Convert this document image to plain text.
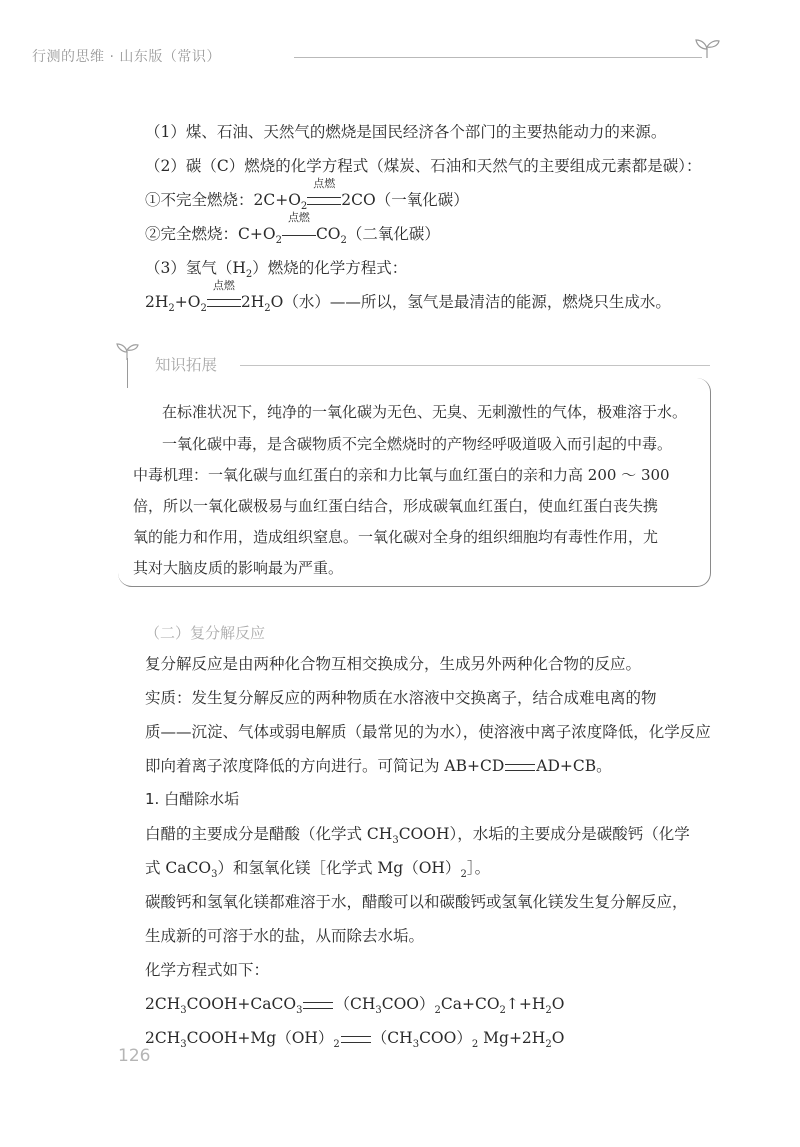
行测的思维 · 山东版（常识）
（1）煤、石油、天然气的燃烧是国民经济各个部门的主要热能动力的来源。
（2）碳（C）燃烧的化学方程式（煤炭、石油和天然气的主要组成元素都是碳）：
①不完全燃烧：$2C+O_2$
点燃
2CO（一氧化碳）
②完全燃烧：$C+O_2$
点燃
$CO_2$（二氧化碳）
（3）氢气$(H_2)$燃烧的化学方程式：
$2H_2+O_2$
点燃
$2H_2O$（水）——所以，氢气是最清洁的能源，燃烧只生成水。
知识拓展
在标准状况下，纯净的一氧化碳为无色、无臭、无刺激性的气体，极难溶于水。
一氧化碳中毒，是含碳物质不完全燃烧时的产物经呼吸道吸入而引起的中毒。
中毒机理：一氧化碳与血红蛋白的亲和力比氧与血红蛋白的亲和力高 200 ～ 300
倍，所以一氧化碳极易与血红蛋白结合，形成碳氧血红蛋白，使血红蛋白丧失携
氧的能力和作用，造成组织窒息。一氧化碳对全身的组织细胞均有毒性作用，尤
其对大脑皮质的影响最为严重。
（二）复分解反应
复分解反应是由两种化合物互相交换成分，生成另外两种化合物的反应。
实质：发生复分解反应的两种物质在水溶液中交换离子，结合成难电离的物
质——沉淀、气体或弱电解质（最常见的为水），使溶液中离子浓度降低，化学反应
即向着离子浓度降低的方向进行。可简记为 AB+CD AD+CB。
1. 白醋除水垢
白醋的主要成分是醋酸（化学式 $CH_3COOH$），水垢的主要成分是碳酸钙（化学
式 CaCO$_3$）和氢氧化镁［化学式 $Mg(OH)_2]$。
碳酸钙和氢氧化镁都难溶于水，醋酸可以和碳酸钙或氢氧化镁发生复分解反应，
生成新的可溶于水的盐，从而除去水垢。
化学方程式如下：
$2CH_3COOH+CaCO_3$ $(CH_3COO)_2Ca+CO_2↑+H_2O$
$2CH_3COOH+Mg(OH)_2$ $(CH_3COO)_2$ $Mg+2H_2O$
126
